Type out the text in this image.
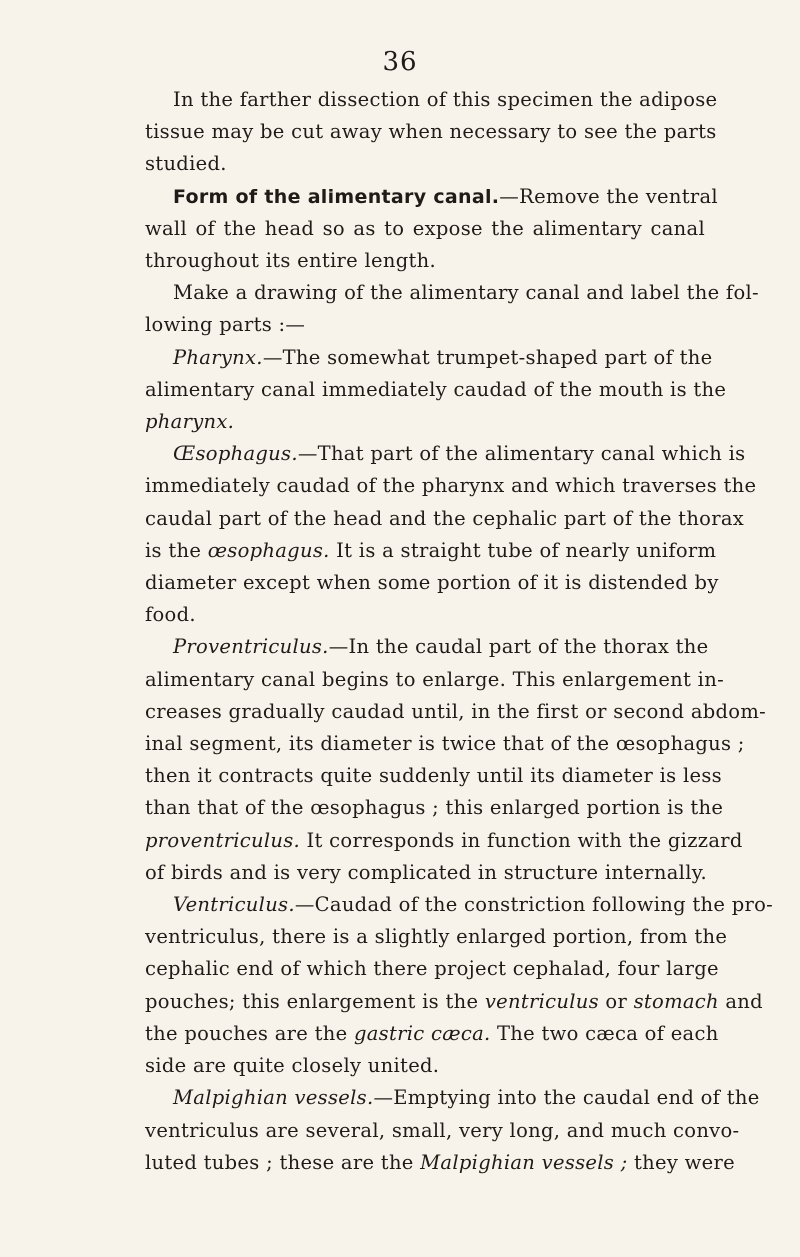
36
In the farther dissection of this specimen the adipose
tissue may be cut away when necessary to see the parts
studied.
Form of the alimentary canal.—Remove the ventral
wall of the head so as to expose the alimentary canal
throughout its entire length.
Make a drawing of the alimentary canal and label the fol-
lowing parts :—
Pharynx.—The somewhat trumpet-shaped part of the
alimentary canal immediately caudad of the mouth is the
pharynx.
Œsophagus.—That part of the alimentary canal which is
immediately caudad of the pharynx and which traverses the
caudal part of the head and the cephalic part of the thorax
is the œsophagus. It is a straight tube of nearly uniform
diameter except when some portion of it is distended by
food.
Proventriculus.—In the caudal part of the thorax the
alimentary canal begins to enlarge. This enlargement in-
creases gradually caudad until, in the first or second abdom-
inal segment, its diameter is twice that of the œsophagus ;
then it contracts quite suddenly until its diameter is less
than that of the œsophagus ; this enlarged portion is the
proventriculus. It corresponds in function with the gizzard
of birds and is very complicated in structure internally.
Ventriculus.—Caudad of the constriction following the pro-
ventriculus, there is a slightly enlarged portion, from the
cephalic end of which there project cephalad, four large
pouches; this enlargement is the ventriculus or stomach and
the pouches are the gastric cæca. The two cæca of each
side are quite closely united.
Malpighian vessels.—Emptying into the caudal end of the
ventriculus are several, small, very long, and much convo-
luted tubes ; these are the Malpighian vessels ; they were
